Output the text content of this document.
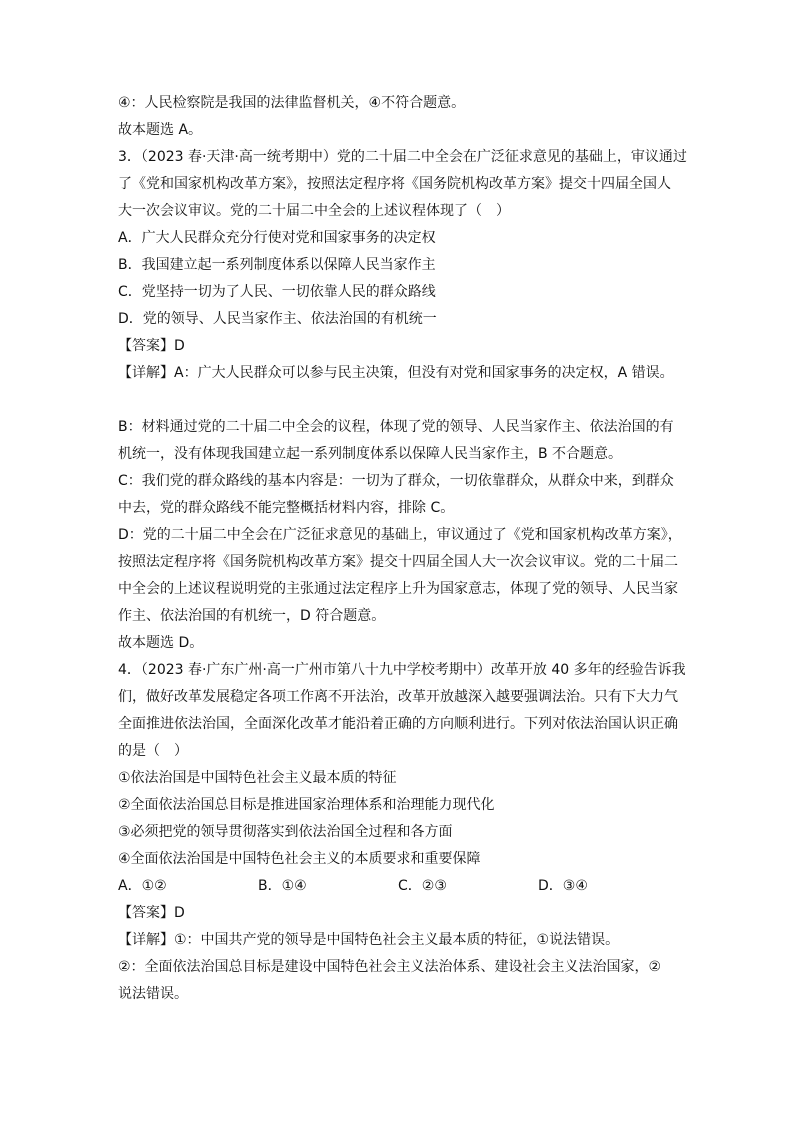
④：人民检察院是我国的法律监督机关，④不符合题意。
故本题选 A。
3．（2023 春·天津·高一统考期中）党的二十届二中全会在广泛征求意见的基础上，审议通过
了《党和国家机构改革方案》，按照法定程序将《国务院机构改革方案》提交十四届全国人
大一次会议审议。党的二十届二中全会的上述议程体现了（　）
A．广大人民群众充分行使对党和国家事务的决定权
B．我国建立起一系列制度体系以保障人民当家作主
C．党坚持一切为了人民、一切依靠人民的群众路线
D．党的领导、人民当家作主、依法治国的有机统一
【答案】D
【详解】A：广大人民群众可以参与民主决策，但没有对党和国家事务的决定权，A 错误。
B：材料通过党的二十届二中全会的议程，体现了党的领导、人民当家作主、依法治国的有
机统一，没有体现我国建立起一系列制度体系以保障人民当家作主，B 不合题意。
C：我们党的群众路线的基本内容是：一切为了群众，一切依靠群众，从群众中来，到群众
中去，党的群众路线不能完整概括材料内容，排除 C。
D：党的二十届二中全会在广泛征求意见的基础上，审议通过了《党和国家机构改革方案》，
按照法定程序将《国务院机构改革方案》提交十四届全国人大一次会议审议。党的二十届二
中全会的上述议程说明党的主张通过法定程序上升为国家意志，体现了党的领导、人民当家
作主、依法治国的有机统一，D 符合题意。
故本题选 D。
4．（2023 春·广东广州·高一广州市第八十九中学校考期中）改革开放 40 多年的经验告诉我
们，做好改革发展稳定各项工作离不开法治，改革开放越深入越要强调法治。只有下大力气
全面推进依法治国，全面深化改革才能沿着正确的方向顺利进行。下列对依法治国认识正确
的是（　）
①依法治国是中国特色社会主义最本质的特征
②全面依法治国总目标是推进国家治理体系和治理能力现代化
③必须把党的领导贯彻落实到依法治国全过程和各方面
④全面依法治国是中国特色社会主义的本质要求和重要保障
A．①②	B．①④	C．②③	D．③④
【答案】D
【详解】①：中国共产党的领导是中国特色社会主义最本质的特征，①说法错误。
②：全面依法治国总目标是建设中国特色社会主义法治体系、建设社会主义法治国家，②
说法错误。
